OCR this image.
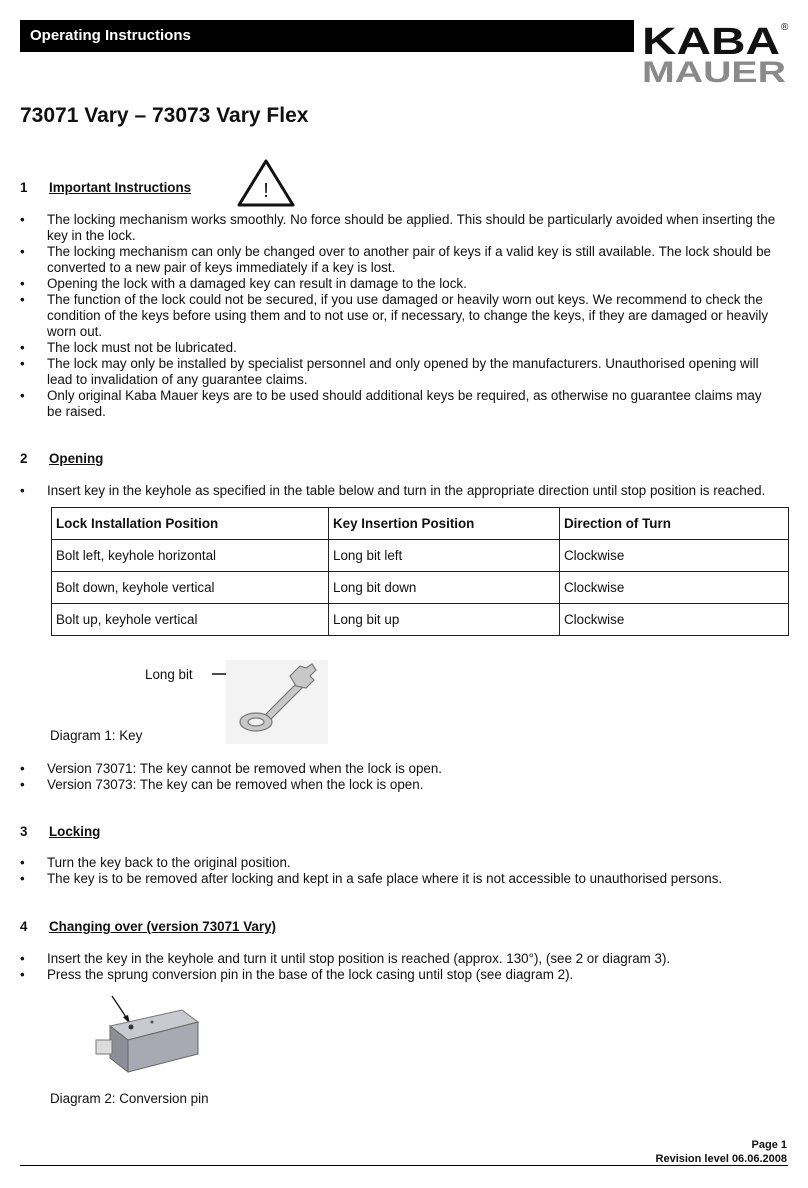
Operating Instructions	KABA ®
MAUER
73071 Vary – 73073 Vary Flex
1 Important Instructions	!
• The locking mechanism works smoothly. No force should be applied. This should be particularly avoided when inserting the key in the lock.
• The locking mechanism can only be changed over to another pair of keys if a valid key is still available. The lock should be converted to a new pair of keys immediately if a key is lost.
• Opening the lock with a damaged key can result in damage to the lock.
• The function of the lock could not be secured, if you use damaged or heavily worn out keys. We recommend to check the condition of the keys before using them and to not use or, if necessary, to change the keys, if they are damaged or heavily worn out.
• The lock must not be lubricated.
• The lock may only be installed by specialist personnel and only opened by the manufacturers. Unauthorised opening will lead to invalidation of any guarantee claims.
• Only original Kaba Mauer keys are to be used should additional keys be required, as otherwise no guarantee claims may be raised.
2 Opening
• Insert key in the keyhole as specified in the table below and turn in the appropriate direction until stop position is reached.
Lock Installation Position	Key Insertion Position	Direction of Turn
Bolt left, keyhole horizontal	Long bit left	Clockwise
Bolt down, keyhole vertical	Long bit down	Clockwise
Bolt up, keyhole vertical	Long bit up	Clockwise
Long bit
Diagram 1: Key
• Version 73071: The key cannot be removed when the lock is open.
• Version 73073: The key can be removed when the lock is open.
3 Locking
• Turn the key back to the original position.
• The key is to be removed after locking and kept in a safe place where it is not accessible to unauthorised persons.
4 Changing over (version 73071 Vary)
• Insert the key in the keyhole and turn it until stop position is reached (approx. 130°), (see 2 or diagram 3).
• Press the sprung conversion pin in the base of the lock casing until stop (see diagram 2).
Diagram 2: Conversion pin
Page 1
Revision level 06.06.2008
